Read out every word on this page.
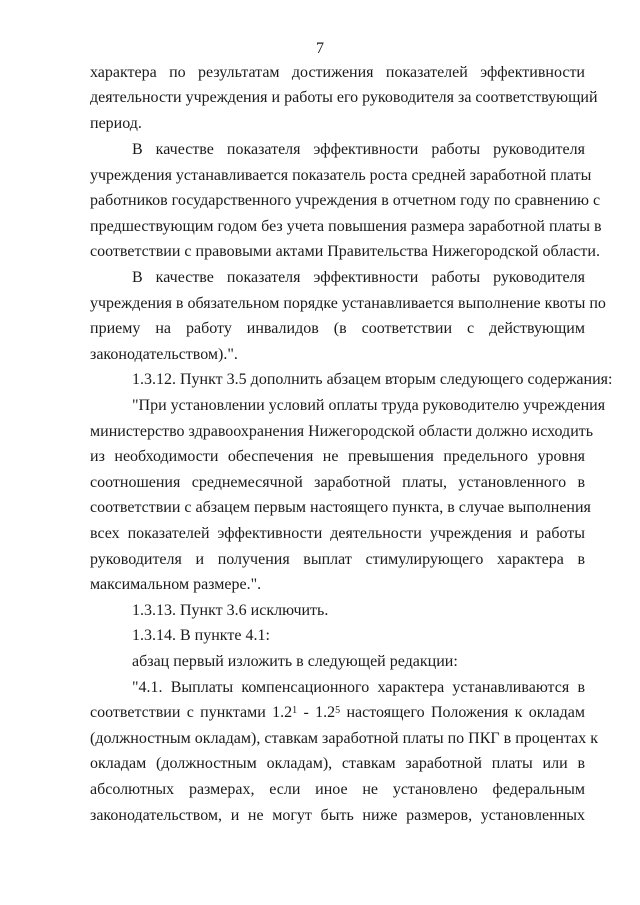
7
характера по результатам достижения показателей эффективности
деятельности учреждения и работы его руководителя за соответствующий
период.
В качестве показателя эффективности работы руководителя
учреждения устанавливается показатель роста средней заработной платы
работников государственного учреждения в отчетном году по сравнению с
предшествующим годом без учета повышения размера заработной платы в
соответствии с правовыми актами Правительства Нижегородской области.
В качестве показателя эффективности работы руководителя
учреждения в обязательном порядке устанавливается выполнение квоты по
приему на работу инвалидов (в соответствии с действующим
законодательством).".
1.3.12. Пункт 3.5 дополнить абзацем вторым следующего содержания:
"При установлении условий оплаты труда руководителю учреждения
министерство здравоохранения Нижегородской области должно исходить
из необходимости обеспечения не превышения предельного уровня
соотношения среднемесячной заработной платы, установленного в
соответствии с абзацем первым настоящего пункта, в случае выполнения
всех показателей эффективности деятельности учреждения и работы
руководителя и получения выплат стимулирующего характера в
максимальном размере.".
1.3.13. Пункт 3.6 исключить.
1.3.14. В пункте 4.1:
абзац первый изложить в следующей редакции:
"4.1. Выплаты компенсационного характера устанавливаются в
соответствии с пунктами $1.2^1 - 1.2^5$ настоящего Положения к окладам
(должностным окладам), ставкам заработной платы по ПКГ в процентах к
окладам (должностным окладам), ставкам заработной платы или в
абсолютных размерах, если иное не установлено федеральным
законодательством, и не могут быть ниже размеров, установленных
